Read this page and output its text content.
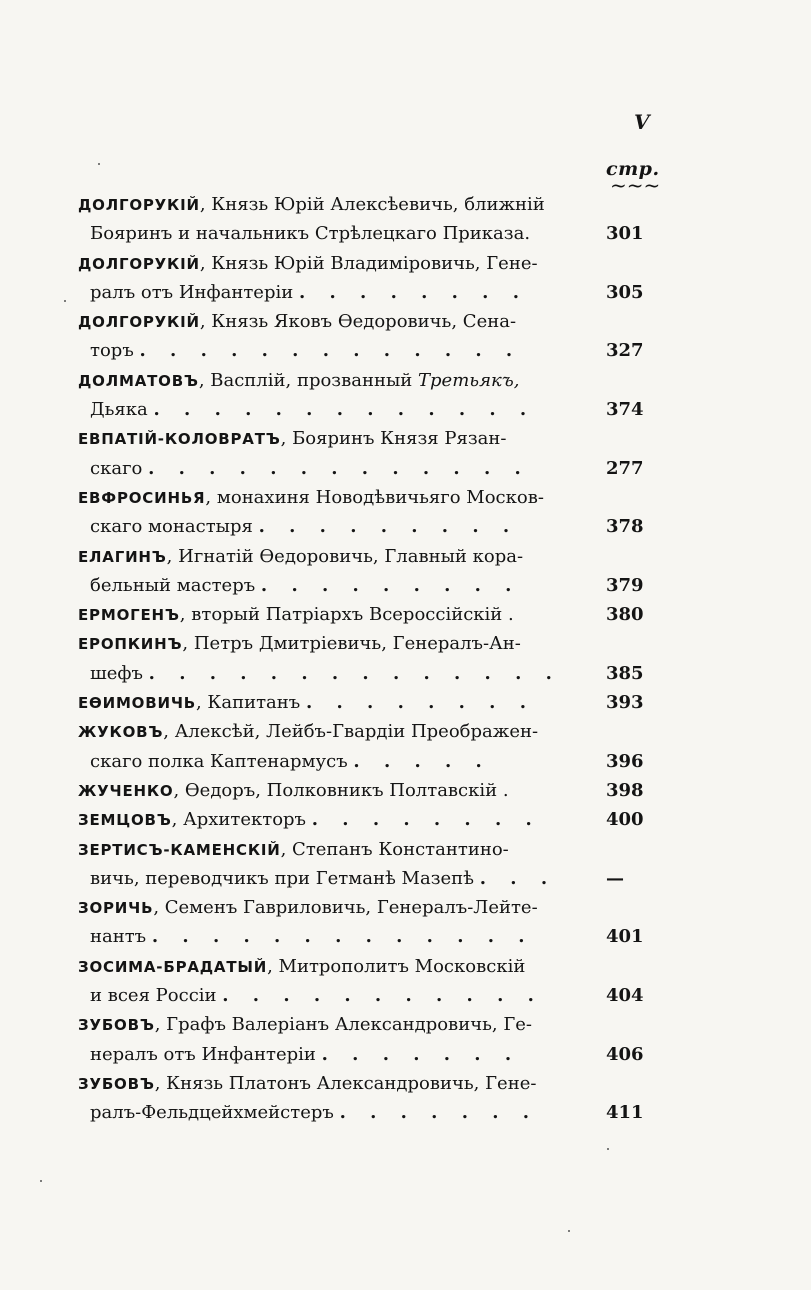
V
стр.
~~~
ДОЛГОРУКІЙ, Князь Юрій Алексѣевичь, ближній
Бояринъ и начальникъ Стрѣлецкаго Приказа.	301
ДОЛГОРУКІЙ, Князь Юрій Владиміровичь, Гене-
ралъ отъ Инфантеріи . . . . . . . .	305
ДОЛГОРУКІЙ, Князь Яковъ Ѳедоровичь, Сена-
торъ . . . . . . . . . . . . .	327
ДОЛМАТОВЪ, Васплій, прозванный Третьякъ,
Дьяка . . . . . . . . . . . . .	374
ЕВПАТІЙ-КОЛОВРАТЪ, Бояринъ Князя Рязан-
скаго . . . . . . . . . . . . .	277
ЕВФРОСИНЬЯ, монахиня Новодѣвичьяго Москов-
скаго монастыря . . . . . . . . .	378
ЕЛАГИНЪ, Игнатій Ѳедоровичь, Главный кора-
бельный мастеръ . . . . . . . . .	379
ЕРМОГЕНЪ, вторый Патріархъ Всероссійскій .	380
ЕРОПКИНЪ, Петръ Дмитріевичь, Генералъ-Ан-
шефъ . . . . . . . . . . . . . .	385
ЕѲИМОВИЧЬ, Капитанъ . . . . . . . .	393
ЖУКОВЪ, Алексѣй, Лейбъ-Гвардіи Преображен-
скаго полка Каптенармусъ . . . . .	396
ЖУЧЕНКО, Ѳедоръ, Полковникъ Полтавскій .	398
ЗЕМЦОВЪ, Архитекторъ . . . . . . . .	400
ЗЕРТИСЪ-КАМЕНСКІЙ, Степанъ Константино-
вичь, переводчикъ при Гетманѣ Мазепѣ . . .	—
ЗОРИЧЬ, Семенъ Гавриловичь, Генералъ-Лейте-
нантъ . . . . . . . . . . . . .	401
ЗОСИМА-БРАДАТЫЙ, Митрополитъ Московскій
и всея Россіи . . . . . . . . . . .	404
ЗУБОВЪ, Графъ Валеріанъ Александровичь, Ге-
нералъ отъ Инфантеріи . . . . . . .	406
ЗУБОВЪ, Князь Платонъ Александровичь, Гене-
ралъ-Фельдцейхмейстеръ . . . . . . .	411
